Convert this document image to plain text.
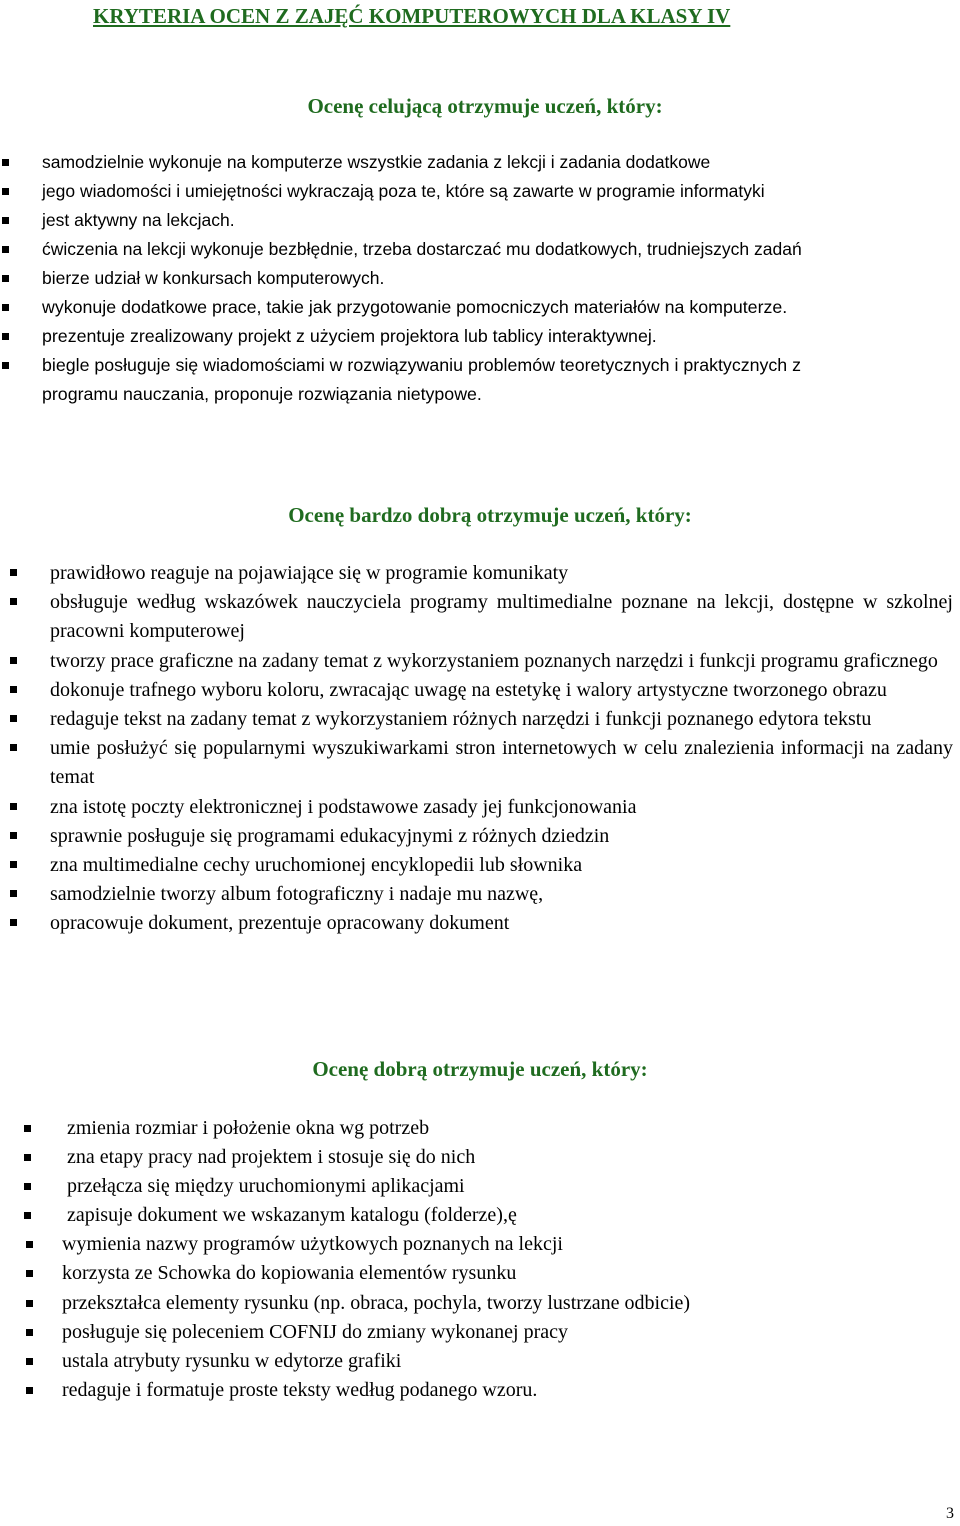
KRYTERIA OCEN Z ZAJĘĆ KOMPUTEROWYCH DLA KLASY IV
Ocenę celującą otrzymuje uczeń, który:
samodzielnie wykonuje na komputerze wszystkie zadania z lekcji i zadania dodatkowe
jego wiadomości i umiejętności wykraczają poza te, które są zawarte w programie informatyki
jest aktywny na lekcjach.
ćwiczenia na lekcji wykonuje bezbłędnie, trzeba dostarczać mu dodatkowych, trudniejszych zadań
bierze udział w konkursach komputerowych.
wykonuje dodatkowe prace, takie jak przygotowanie pomocniczych materiałów na komputerze.
prezentuje zrealizowany projekt z użyciem projektora lub tablicy interaktywnej.
biegle posługuje się wiadomościami w rozwiązywaniu problemów teoretycznych i praktycznych z programu nauczania, proponuje rozwiązania nietypowe.
Ocenę bardzo dobrą otrzymuje uczeń, który:
prawidłowo reaguje na pojawiające się w programie komunikaty
obsługuje według wskazówek nauczyciela programy multimedialne poznane na lekcji, dostępne w szkolnej pracowni komputerowej
tworzy prace graficzne na zadany temat z wykorzystaniem poznanych narzędzi i funkcji programu graficznego
dokonuje trafnego wyboru koloru, zwracając uwagę na estetykę i walory artystyczne tworzonego obrazu
redaguje tekst na zadany temat z wykorzystaniem różnych narzędzi i funkcji poznanego edytora tekstu
umie posłużyć się popularnymi wyszukiwarkami stron internetowych w celu znalezienia informacji na zadany temat
zna istotę poczty elektronicznej i podstawowe zasady jej funkcjonowania
sprawnie posługuje się programami edukacyjnymi z różnych dziedzin
zna multimedialne cechy uruchomionej encyklopedii lub słownika
samodzielnie tworzy album fotograficzny i nadaje mu nazwę,
opracowuje dokument, prezentuje opracowany dokument
Ocenę dobrą otrzymuje uczeń, który:
zmienia rozmiar i położenie okna wg potrzeb
zna etapy pracy nad projektem i stosuje się do nich
przełącza się między uruchomionymi aplikacjami
zapisuje dokument we wskazanym katalogu (folderze),ę
wymienia nazwy programów użytkowych poznanych na lekcji
korzysta ze Schowka do kopiowania elementów rysunku
przekształca elementy rysunku (np. obraca, pochyla, tworzy lustrzane odbicie)
posługuje się poleceniem COFNIJ do zmiany wykonanej pracy
ustala atrybuty rysunku w edytorze grafiki
redaguje i formatuje proste teksty według podanego wzoru.
3
